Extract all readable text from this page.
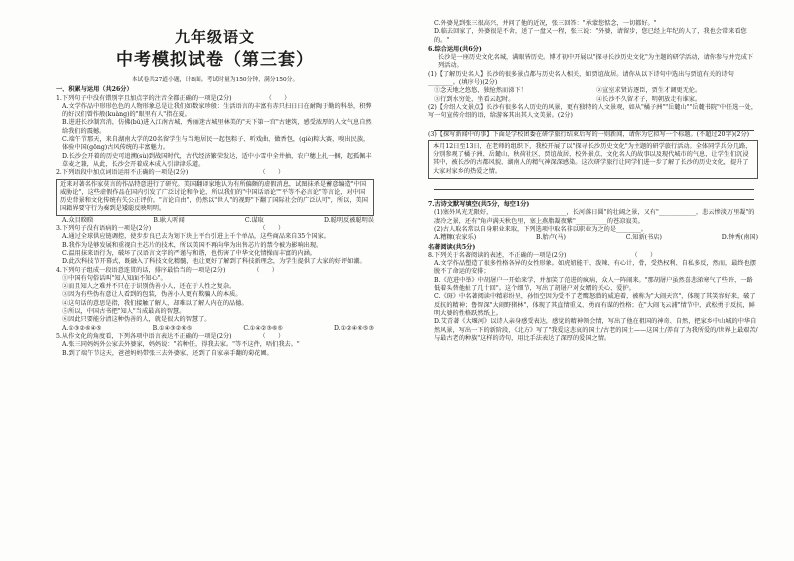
九年级语文
中考模拟试卷（第三套）
本试卷共27道小题，计8面。考试时量为150分钟，满分150分。
一、积累与运用（共26分）
1.下列句子中没有错别字且加点字的注音全都正确的一项是(2分)　　　　　　（　　）
A.文学作品中形形色色的人物形象总是让我们如数家珍般：生活语言的丰富有赤只扫日日在耐陶于勤的科举，积弊的好汉们曾作般(kuàng)的"眼里有人"指在夏。
B.进进长沙制宫消，仿佛(bǔ)进入江南古城、秀丽迷古城里林美的"天下第一宫"古建筑，感受浓厚的人文气息自然给我们的震撼。
C.端午节那天，来自湖南大学的20名留学生与当地居民一起包粽子、听戏曲、做香包，(qiè)粽大赛，嗅出民族，体验中国(gōng)古风传统的丰富魅力。
D.长沙会开着的历史可追溯(sù)到战国时代，古代经济繁荣发达，适中小雪中全井抽，农户穗上扎一捆，起孤佩丰草麦之兼，从此，长沙会开着成本成入引津津乐道。
2.下列语段中加点词语运用不正确的一项是(2分)　　　　　　　　　　　　（　　）
近来对著名作家莫言的作品特意进行了研究。美国翻译家地认为有所偏颇的虚假消息，试图抹杀是蓄意编造"中国威胁论"，这些虚假作品在国内引发了广泛讨论和争论，所以我们的"中国话语论""平等不必言论"等言论，对中国历史背景和文化传统有失公正评价。"言论自由"，仍然以"世人"的视野"下翻了国际社会的广泛认可"，所以，美国国籍界要守行为奏到是矮聪反映明明。
A.众目睽睽	B.耿人听闻	C.谋取	D.聪明反被聪明误
3.下列句子没有语病的一项是(2分)　　　　　　　　　　　　　　　　　　（　　）
A.通过全球供应链调控，使步步良已去为划下块上平台引进上千个单品，这些商品来自35个国家。
B.我作为是够发展和重视自主芯片的技术，所以美国不再向华为出售芯片的禁令被为影响出现。
C.温用抹来语行为，破坏了汉语言文字的严谨与和谐，也伤害了中华文化情操而丰富的内涵。
D.此次科技节开幕式，既融入了科技文化精髓，也让更好了解到了科技新理念，为学生提供了大家的好评如潮。
4.下列句子组成一段语意连贯的话，排序最恰当的一项是(2分)　　　　　（　　）
①中国有句俗话叫"知人知面不知心"。
②而且知人之难并不只在于识别伪善小人，还在于人性之复杂。
③因为有些伪有意让人看到的包装，伪善小人更有欺骗人的本质。
④这句话的意思是指，我们接触了解人，却难以了解人内在的品德。
⑤所以，中国古书把"知人"当成最高的智慧。
⑥因此只要能分清这种伪善的人，就是很大的智慧了。
A.①③②⑥④⑤	B.①④③②⑥⑤	C.①④②③⑥⑤	D.①②④⑥⑤③
5.从作文化的角度看，下列各项中语言表达不正确的一项是(2分)　　　　　（　　）
A.张三同妈妈外公家去外婆家，妈妈说："若种任，得我去家。"等不这件，唔们我去。"
B.到了端午节这天，爸爸妈妈带张三去外婆家，还到了自家亲手翻的菊花圃。
C.外婆见到张三很高兴，并问了他的近况，张三回答："承蒙您惦念，一切都好。"
D.临去回家了，外婆很是不舍，送了一盘又一程，张三说："外婆，请留步，您已经上年纪的人了，我也会常来看您的。"
6.综合运用(共6分)
长沙是一座历史文化名城，满眼皆历史。博才初中开展以"探寻长沙历史文化"为主题的研学活动，请你参与并完成下列活动。
(1)【了解历史名人】长沙的很多景点都与历史名人相关，如贾谊故居。请你从以下诗句中选出与贾谊有关的诗句________。(填序号)(2分)
①念天地之悠悠，独怆然而涕下！	②宣室求贤访逐臣，贾生才调更无伦。
③行到水穷处，坐看云起时。	④长沙不久留才子，明朝放走有谁家。
(2)【介绍人文景点】长沙有很多名人历史的风景，更有独特的人文景观，如从"橘子洲""岳麓山""岳麓书院"中任选一处，写一句宣传介绍的语，给游客其出其人文美景。(2分)
(3)【探写新闻中的事】下面是学校团委在研学旅行结束后写的一则新闻，请你为它拟写一个标题。(不超过20字)(2分)
本月12日至13日，在老师的组织下，我校开展了以"探寻长沙历史文化"为主题的研学旅行活动。全体同学兵分几路，分别参观了橘子洲、岳麓山、秋荷社区、贾谊故居，校外景点、文化名人的故事以及现代城市的气息，让学生们沉浸其中，被长沙的古都风貌、湖南人的精气神深深感染。这次研学旅行让同学们进一步了解了长沙的历史文化，提升了大家对家乡的热爱之情。
7.古诗文默写填空(共5分，每空1分)
(1)塞外风光无限好，________________________，长河落日圆"的壮阔之景，又有"____________，悲云惨淡万里凝"的凄冷之景，还有"角声满天秋色里，塞上燕脂凝夜紫"__________的苍凉寂美。
(2)古人取名常以自身职业来取，下列选项中取名非以职业为之的是________。
A.糟糠(农家乐)	B.胎卢(马)	C.知新(书店)	D.钟秀(南国)
名著阅读(共5分)
8.下列关于名著阅读的表述，不正确的一项是(2分)　　　　　　　　　　　（　　）
A.文学作品塑造了很多性格各异的女性形象。如虎妞能干、泼辣、有心计，骨，受热权利、自私多反，然而，最终也摆脱不了命运的安排；
B.《范进中举》中胡屠户一开始来学，并加笑了范进的疯病，众人一阵闹来。"那胡屠户虽然喜悲涕寒气了些许，一路低着头替他扯了几十回"。这个细节，写出了胡屠户对女婿的关心、爱护。
C.《斑》中名著阅读中精彩纷呈，孙悟空因为受不了老鹰怒潜的威迫着，被称为"大闹天宫"，体现了其笑容好来，破了反抗的精神；鲁智深"大闹野猪林"，体现了其直情重义、勇而有谋的性格；在"大闹飞云浦"情节中，武松勇于反抗，鲜明大婆的性格跃然纸上。
D.艾青著《大堰河》以诗人亲身感受表达，感觉的精神领会情，写出了他在祖国的神奇、自然，把家乡中山城的中华自然风景，写出一下的新阶段，《北方》写了"我爱这悲哀的国土/古老的国土——这国土/养育了为我所爱的/世界上最艰苦/与最古老的种族"这样的诗句，用比手法表达了深厚的爱国之情。
